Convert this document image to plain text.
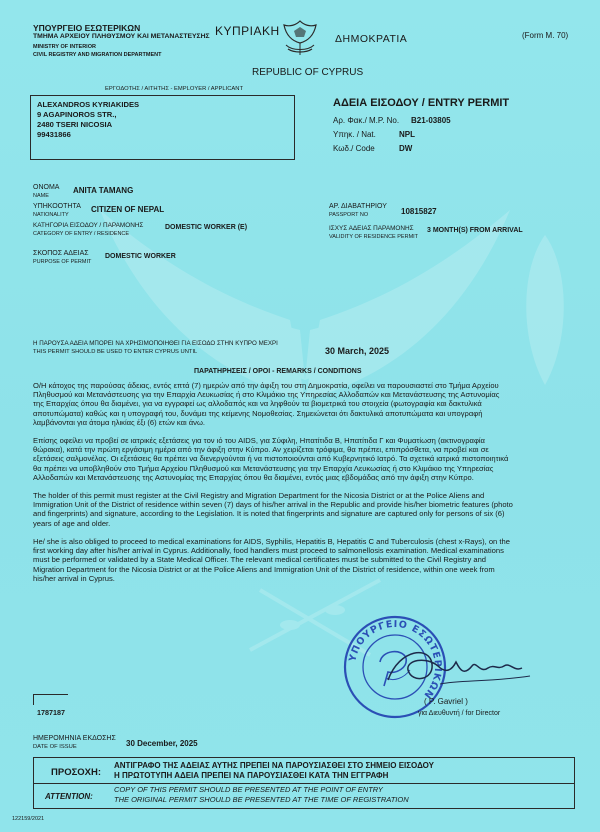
ΥΠΟΥΡΓΕΙΟ ΕΣΩΤΕΡΙΚΩΝ
ΤΜΗΜΑ ΑΡΧΕΙΟΥ ΠΛΗΘΥΣΜΟΥ ΚΑΙ ΜΕΤΑΝΑΣΤΕΥΣΗΣ
MINISTRY OF INTERIOR
CIVIL REGISTRY AND MIGRATION DEPARTMENT
ΚΥΠΡΙΑΚΗ
ΔΗΜΟΚΡΑΤΙΑ
REPUBLIC OF CYPRUS
(Form M. 70)
ΕΡΓΟΔΟΤΗΣ / ΑΙΤΗΤΗΣ - EMPLOYER / APPLICANT
ALEXANDROS KYRIAKIDES
9 AGAPINOROS STR.,
2480 TSERI NICOSIA
99431866
ΑΔΕΙΑ ΕΙΣΟΔΟΥ / ENTRY PERMIT
Αρ. Φακ./ M.P. No. B21-03805
Υπηκ. / Nat.	NPL
Κωδ./ Code	DW
ΟΝΟΜΑ
NAME
ANITA TAMANG
ΥΠΗΚΟΟΤΗΤΑ
NATIONALITY
CITIZEN OF NEPAL
ΚΑΤΗΓΟΡΙΑ ΕΙΣΟΔΟΥ / ΠΑΡΑΜΟΝΗΣ
CATEGORY OF ENTRY / RESIDENCE
DOMESTIC WORKER (E)
ΣΚΟΠΟΣ ΑΔΕΙΑΣ
PURPOSE OF PERMIT
DOMESTIC WORKER
ΑΡ. ΔΙΑΒΑΤΗΡΙΟΥ
PASSPORT NO	10815827
ΙΣΧΥΣ ΑΔΕΙΑΣ ΠΑΡΑΜΟΝΗΣ
VALIDITY OF RESIDENCE PERMIT
3 MONTH(S) FROM ARRIVAL
Η ΠΑΡΟΥΣΑ ΑΔΕΙΑ ΜΠΟΡΕΙ ΝΑ ΧΡΗΣΙΜΟΠΟΙΗΘΕΙ ΓΙΑ ΕΙΣΟΔΟ ΣΤΗΝ ΚΥΠΡΟ ΜΕΧΡΙ
THIS PERMIT SHOULD BE USED TO ENTER CYPRUS UNTIL	30 March, 2025
ΠΑΡΑΤΗΡΗΣΕΙΣ / ΟΡΟΙ - REMARKS / CONDITIONS
Ο/Η κάτοχος της παρούσας άδειας, εντός επτά (7) ημερών από την άφιξη του στη Δημοκρατία, οφείλει να παρουσιαστεί στο Τμήμα Αρχείου
Πληθυσμού και Μετανάστευσης για την Επαρχία Λευκωσίας ή στο Κλιμάκιο της Υπηρεσίας Αλλοδαπών και Μετανάστευσης της Αστυνομίας
της Επαρχίας όπου θα διαμένει, για να εγγραφεί ως αλλοδαπός και να ληφθούν τα βιομετρικά του στοιχεία (φωτογραφία και δακτυλικά
αποτυπώματα) καθώς και η υπογραφή του, δυνάμει της κείμενης Νομοθεσίας. Σημειώνεται ότι δακτυλικά αποτυπώματα και υπογραφή
λαμβάνονται για άτομα ηλικίας έξι (6) ετών και άνω.
Επίσης οφείλει να προβεί σε ιατρικές εξετάσεις για τον ιό του AIDS, για Σύφιλη, Ηπατίτιδα Β, Ηπατίτιδα Γ και Φυματίωση (ακτινογραφία
θώρακα), κατά την πρώτη εργάσιμη ημέρα από την άφιξη στην Κύπρο. Αν χειρίζεται τρόφιμα, θα πρέπει, επιπρόσθετα, να προβεί και σε
εξετάσεις σαλμονέλας. Οι εξετάσεις θα πρέπει να διενεργούνται ή να πιστοποιούνται από Κυβερνητικό Ιατρό. Τα σχετικά ιατρικά πιστοποιητικά
θα πρέπει να υποβληθούν στο Τμήμα Αρχείου Πληθυσμού και Μετανάστευσης για την Επαρχία Λευκωσίας ή στο Κλιμάκιο της Υπηρεσίας
Αλλοδαπών και Μετανάστευσης της Αστυνομίας της Επαρχίας όπου θα διαμένει, εντός μιας εβδομάδας από την άφιξη στην Κύπρο.
The holder of this permit must register at the Civil Registry and Migration Department for the Nicosia District or at the Police Aliens and
Immigration Unit of the District of residence within seven (7) days of his/her arrival in the Republic and provide his/her biometric features (photo
and fingerprints) and signature, according to the Legislation. It is noted that fingerprints and signature are captured only for persons of six (6)
years of age and older.
He/ she is also obliged to proceed to medical examinations for AIDS, Syphilis, Hepatitis B, Hepatitis C and Tuberculosis (chest x-Rays), on the
first working day after his/her arrival in Cyprus. Additionally, food handlers must proceed to salmonellosis examination. Medical examinations
must be performed or validated by a State Medical Officer. The relevant medical certificates must be submitted to the Civil Registry and
Migration Department for the Nicosia District or at the Police Aliens and Immigration Unit of the District of residence, within one week from
his/her arrival in Cyprus.
ΥΠΟΥΡΓΕΙΟ ΕΣΩΤΕΡΙΚΩΝ
( P. Gavriel )
για Διευθυντή / for Director
1787187
ΗΜΕΡΟΜΗΝΙΑ ΕΚΔΟΣΗΣ
DATE OF ISSUE	30 December, 2025
ΠΡΟΣΟΧΗ:
ΑΝΤΙΓΡΑΦΟ ΤΗΣ ΑΔΕΙΑΣ ΑΥΤΗΣ ΠΡΕΠΕΙ ΝΑ ΠΑΡΟΥΣΙΑΣΘΕΙ ΣΤΟ ΣΗΜΕΙΟ ΕΙΣΟΔΟΥ
Η ΠΡΩΤΟΤΥΠΗ ΑΔΕΙΑ ΠΡΕΠΕΙ ΝΑ ΠΑΡΟΥΣΙΑΣΘΕΙ ΚΑΤΑ ΤΗΝ ΕΓΓΡΑΦΗ
ATTENTION:
COPY OF THIS PERMIT SHOULD BE PRESENTED AT THE POINT OF ENTRY
THE ORIGINAL PERMIT SHOULD BE PRESENTED AT THE TIME OF REGISTRATION
122159/2021
